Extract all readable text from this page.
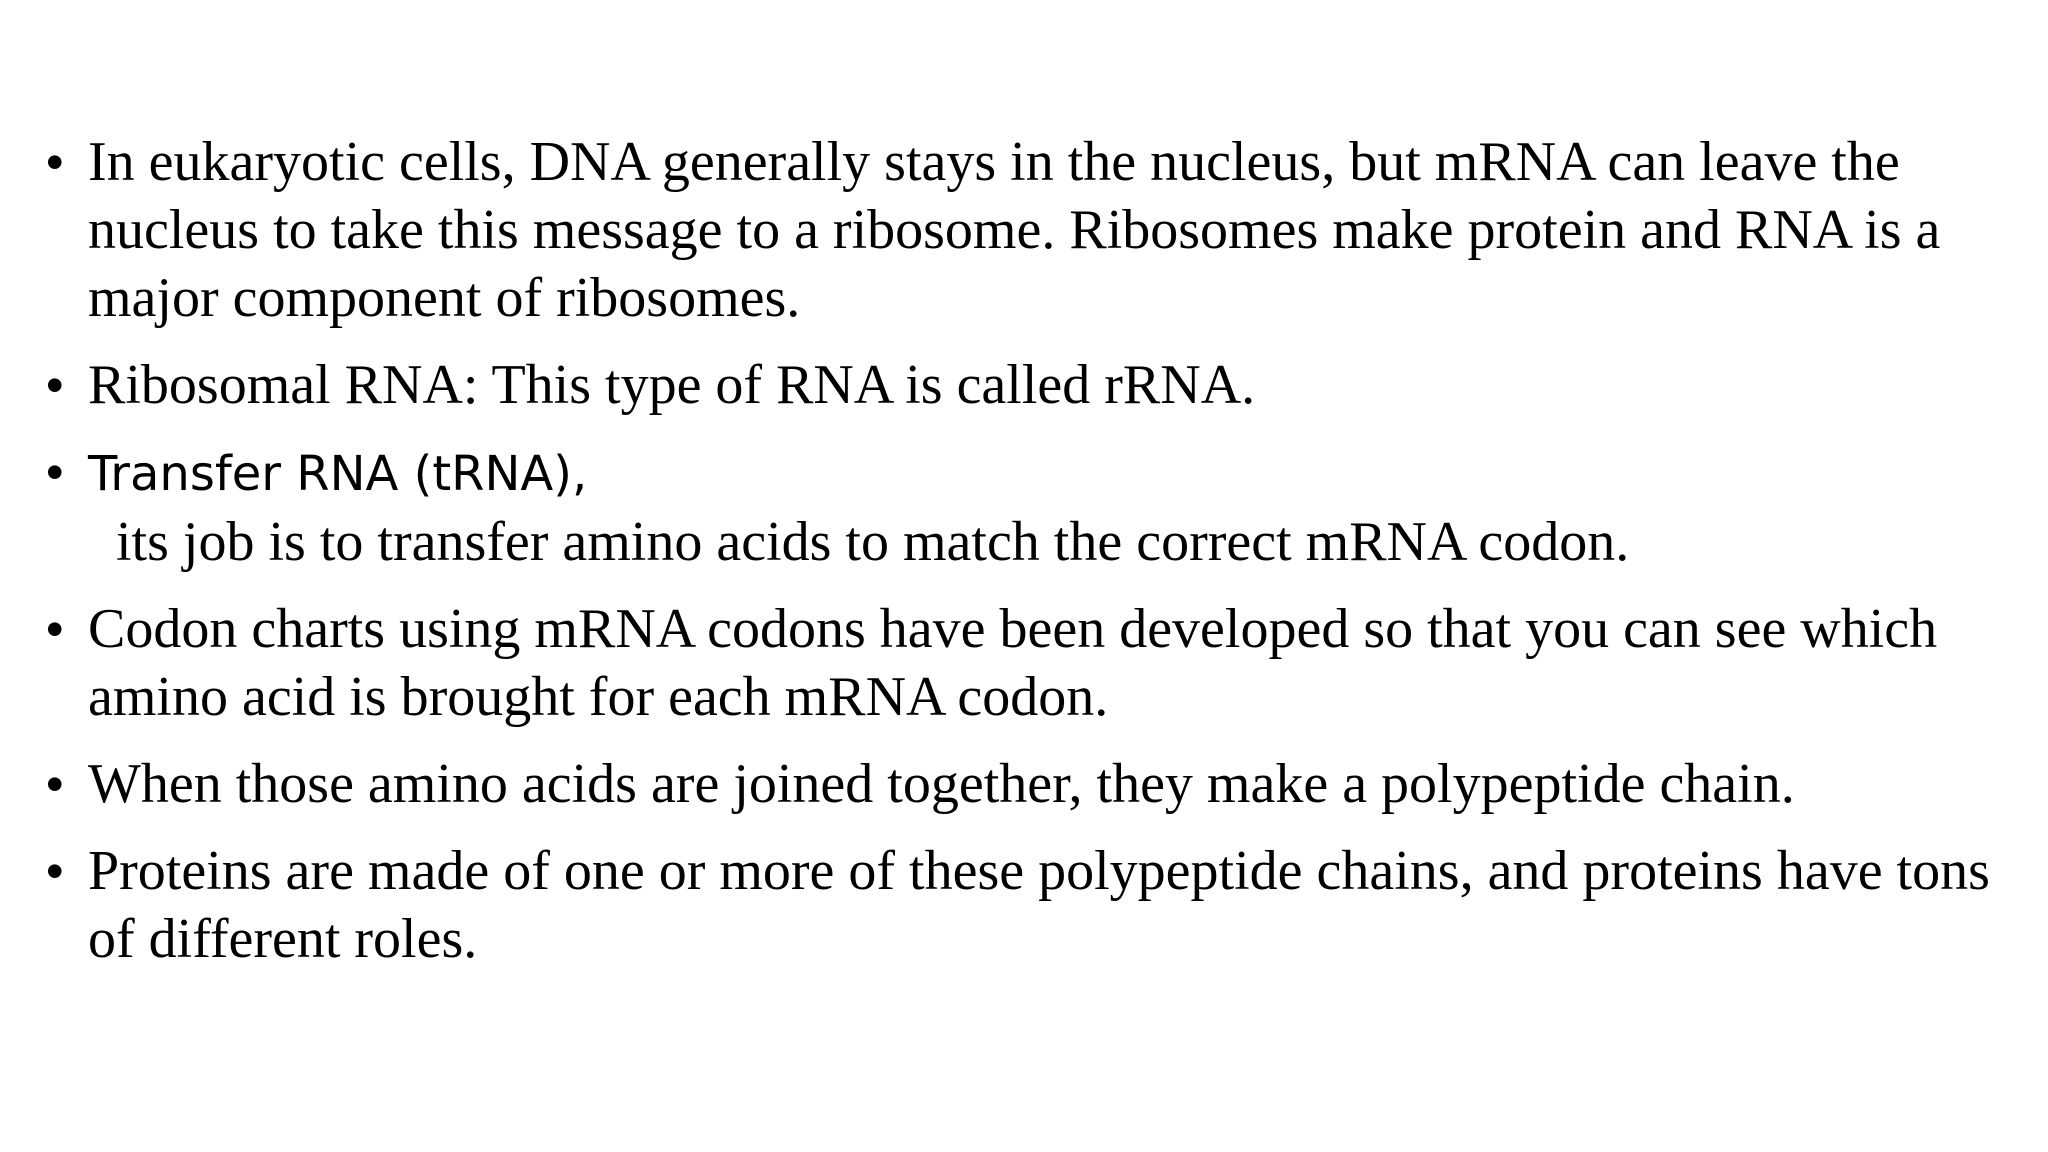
• In eukaryotic cells, DNA generally stays in the nucleus, but mRNA can leave the nucleus to take this message to a ribosome. Ribosomes make protein and RNA is a major component of ribosomes.
• Ribosomal RNA: This type of RNA is called rRNA.
• Transfer RNA (tRNA),  its job is to transfer amino acids to match the correct mRNA codon.
• Codon charts using mRNA codons have been developed so that you can see which amino acid is brought for each mRNA codon.
• When those amino acids are joined together, they make a polypeptide chain.
• Proteins are made of one or more of these polypeptide chains, and proteins have tons of different roles.
